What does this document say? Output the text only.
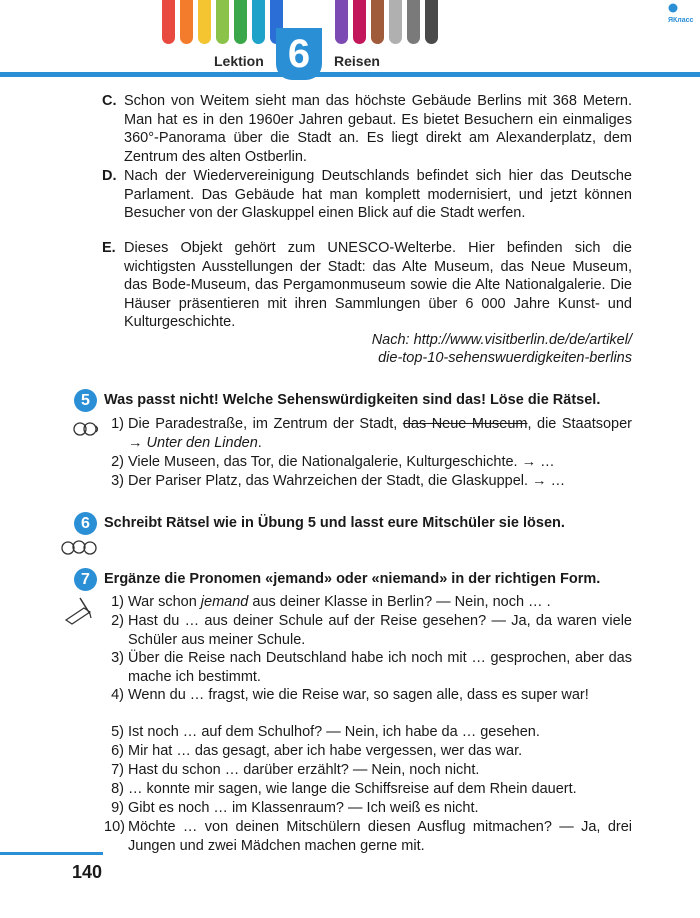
6
Lektion	Reisen
ЯКласс
C. Schon von Weitem sieht man das höchste Gebäude Berlins mit 368 Metern. Man hat es in den 1960er Jahren gebaut. Es bietet Besuchern ein einmaliges 360°-Panorama über die Stadt an. Es liegt direkt am Alexanderplatz, dem Zentrum des alten Ostberlin.
D. Nach der Wiedervereinigung Deutschlands befindet sich hier das Deutsche Parlament. Das Gebäude hat man komplett modernisiert, und jetzt können Besucher von der Glaskuppel einen Blick auf die Stadt werfen.
E. Dieses Objekt gehört zum UNESCO-Welterbe. Hier befinden sich die wichtigsten Ausstellungen der Stadt: das Alte Museum, das Neue Museum, das Bode-Museum, das Pergamonmuseum sowie die Alte Nationalgalerie. Die Häuser präsentieren mit ihren Sammlungen über 6 000 Jahre Kunst- und Kulturgeschichte.
Nach: http://www.visitberlin.de/de/artikel/
die-top-10-sehenswuerdigkeiten-berlins
5 Was passt nicht! Welche Sehenswürdigkeiten sind das! Löse die Rätsel.
1) Die Paradestraße, im Zentrum der Stadt, das Neue Museum, die Staatsoper → Unter den Linden.
2) Viele Museen, das Tor, die Nationalgalerie, Kulturgeschichte. → …
3) Der Pariser Platz, das Wahrzeichen der Stadt, die Glaskuppel. → …
6 Schreibt Rätsel wie in Übung 5 und lasst eure Mitschüler sie lösen.
7 Ergänze die Pronomen «jemand» oder «niemand» in der richtigen Form.
1) War schon jemand aus deiner Klasse in Berlin? — Nein, noch … .
2) Hast du … aus deiner Schule auf der Reise gesehen? — Ja, da waren viele Schüler aus meiner Schule.
3) Über die Reise nach Deutschland habe ich noch mit … gesprochen, aber das mache ich bestimmt.
4) Wenn du … fragst, wie die Reise war, so sagen alle, dass es super war!
5) Ist noch … auf dem Schulhof? — Nein, ich habe da … gesehen.
6) Mir hat … das gesagt, aber ich habe vergessen, wer das war.
7) Hast du schon … darüber erzählt? — Nein, noch nicht.
8) … konnte mir sagen, wie lange die Schiffsreise auf dem Rhein dauert.
9) Gibt es noch … im Klassenraum? — Ich weiß es nicht.
10) Möchte … von deinen Mitschülern diesen Ausflug mitmachen? — Ja, drei Jungen und zwei Mädchen machen gerne mit.
140
